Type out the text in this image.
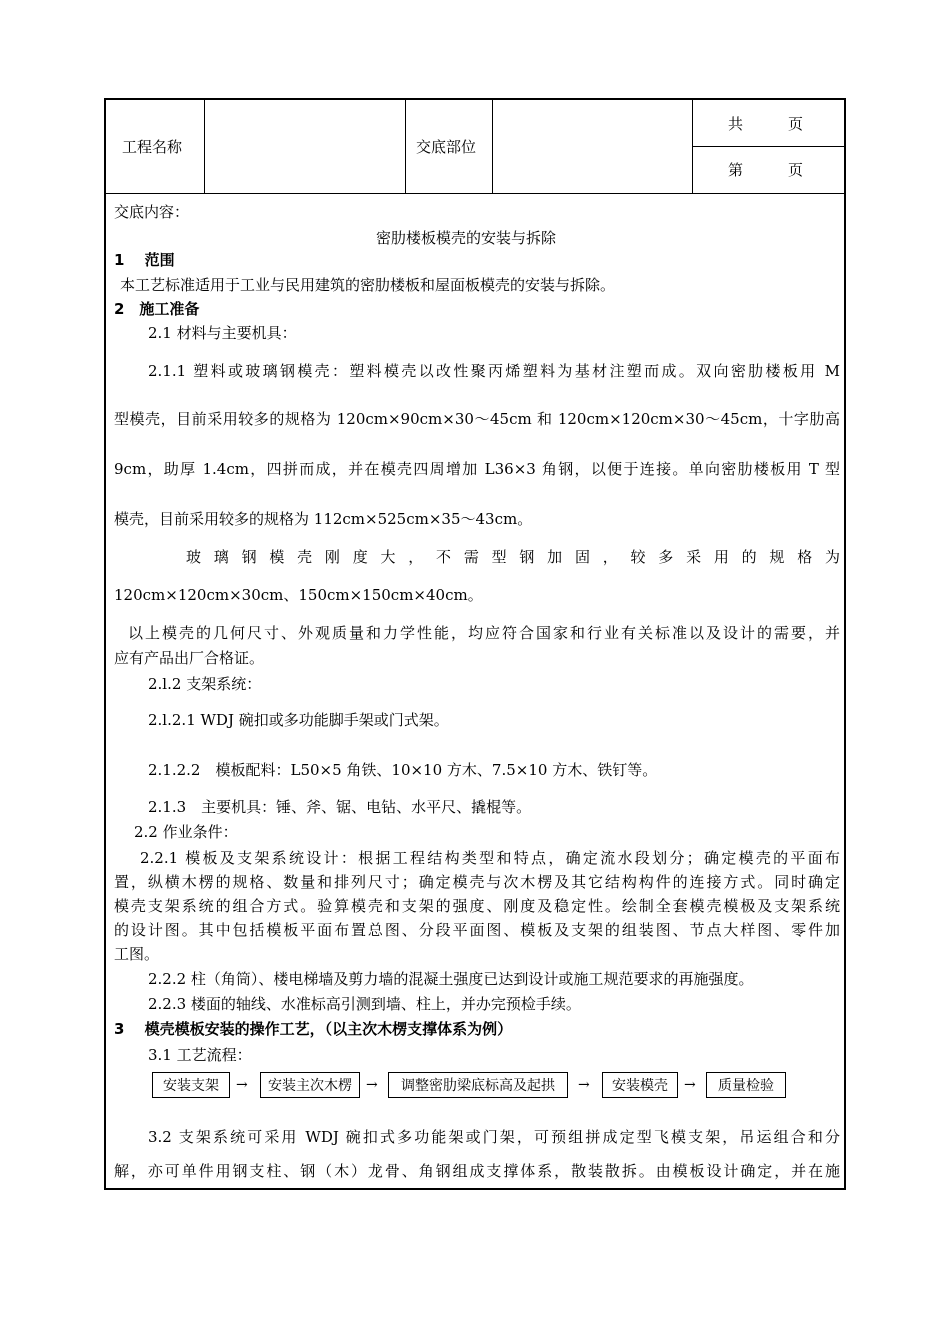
工程名称	交底部位
共　　　页
第　　　页
交底内容：
密肋楼板模壳的安装与拆除
1　 范围
本工艺标准适用于工业与民用建筑的密肋楼板和屋面板模壳的安装与拆除。
2　施工准备
2.1 材料与主要机具：
2.1.1 塑料或玻璃钢模壳：塑料模壳以改性聚丙烯塑料为基材注塑而成。双向密肋楼板用 M
型模壳，目前采用较多的规格为 120cm×90cm×30～45cm 和 120cm×120cm×30～45cm，十字肋高
9cm，助厚 1.4cm，四拼而成，并在模壳四周增加 L36×3 角钢，以便于连接。单向密肋楼板用 T 型
模壳，目前采用较多的规格为 112cm×525cm×35～43cm。
玻 璃 钢 模 壳 刚 度 大 ， 不 需 型 钢 加 固 ， 较 多 采 用 的 规 格 为
120cm×120cm×30cm、150cm×150cm×40cm。
以上模壳的几何尺寸、外观质量和力学性能，均应符合国家和行业有关标准以及设计的需要，并
应有产品出厂合格证。
2.l.2 支架系统：
2.l.2.1 WDJ 碗扣或多功能脚手架或门式架。
2.1.2.2　模板配料：L50×5 角铁、10×10 方木、7.5×10 方木、铁钉等。
2.1.3　主要机具：锤、斧、锯、电钻、水平尺、撬棍等。
2.2 作业条件：
2.2.1 模板及支架系统设计：根据工程结构类型和特点，确定流水段划分；确定模壳的平面布
置，纵横木楞的规格、数量和排列尺寸；确定模壳与次木楞及其它结构构件的连接方式。同时确定
模壳支架系统的组合方式。验算模壳和支架的强度、刚度及稳定性。绘制全套模壳模极及支架系统
的设计图。其中包括模板平面布置总图、分段平面图、模板及支架的组装图、节点大样图、零件加
工图。
2.2.2 柱（角筒）、楼电梯墙及剪力墙的混凝土强度已达到设计或施工规范要求的再施强度。
2.2.3 楼面的轴线、水准标高引测到墙、柱上，并办完预检手续。
3　 模壳模板安装的操作工艺，（以主次木楞支撑体系为例）
3.1 工艺流程：
安装支架	→	安装主次木楞	→	调整密肋梁底标高及起拱	→	安装模壳	→	质量检验
3.2 支架系统可采用 WDJ 碗扣式多功能架或门架，可预组拼成定型飞模支架，吊运组合和分
解，亦可单件用钢支柱、钢（木）龙骨、角钢组成支撑体系，散装散拆。由模板设计确定，并在施
